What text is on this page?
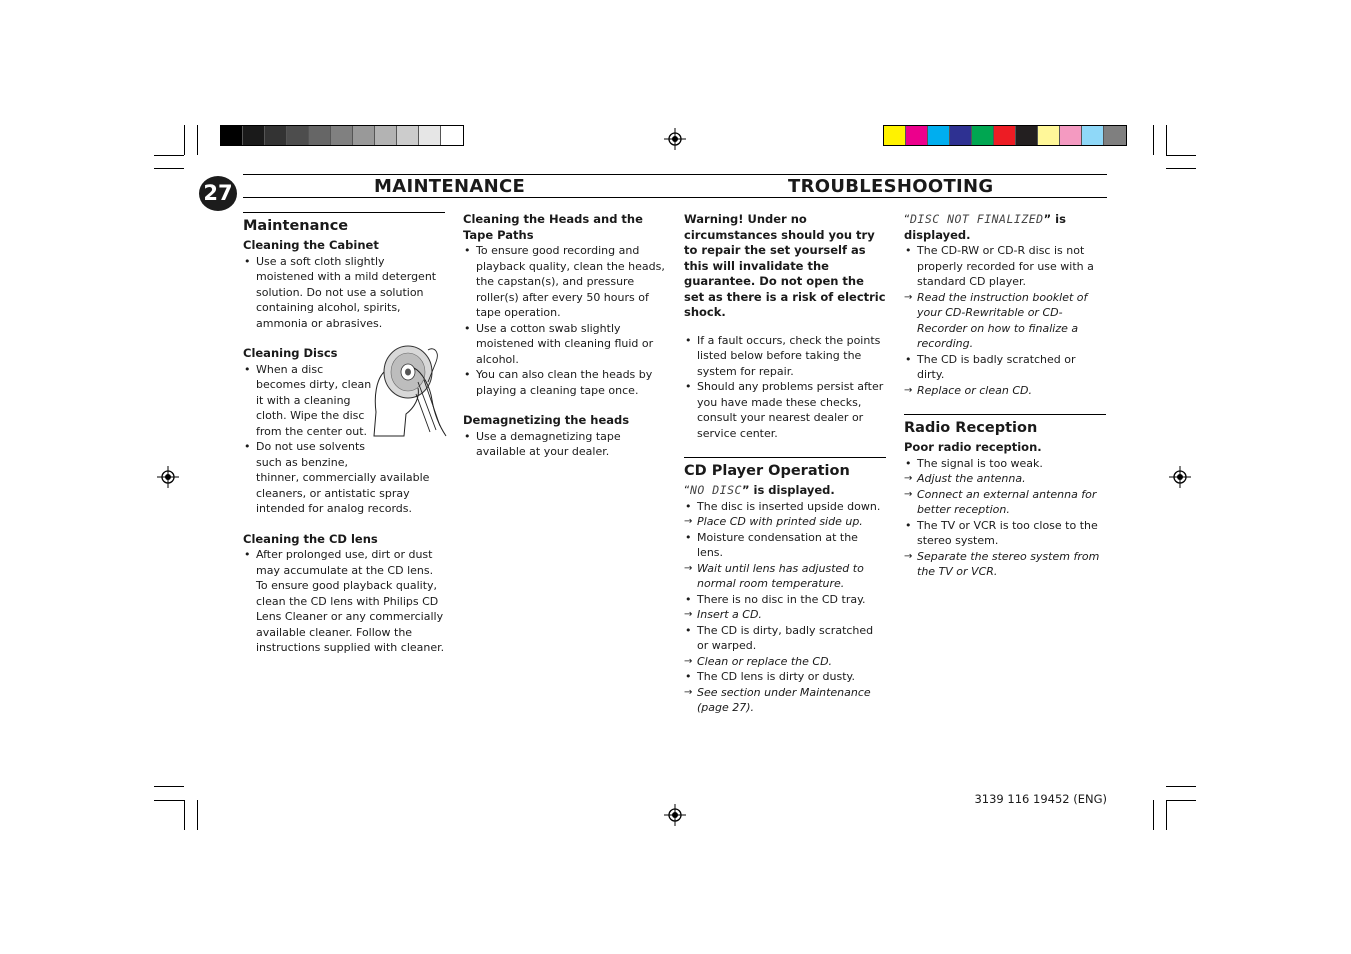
27	MAINTENANCE	TROUBLESHOOTING
Maintenance
Cleaning the Cabinet
• Use a soft cloth slightly moistened with a mild detergent solution. Do not use a solution containing alcohol, spirits, ammonia or abrasives.
Cleaning Discs
• When a disc
becomes dirty, clean
it with a cleaning
cloth. Wipe the disc
from the center out.
• Do not use solvents
such as benzine,
thinner, commercially available cleaners, or antistatic spray intended for analog records.
Cleaning the CD lens
• After prolonged use, dirt or dust may accumulate at the CD lens. To ensure good playback quality, clean the CD lens with Philips CD Lens Cleaner or any commercially available cleaner. Follow the instructions supplied with cleaner.
Cleaning the Heads and the Tape Paths
• To ensure good recording and playback quality, clean the heads, the capstan(s), and pressure roller(s) after every 50 hours of tape operation.
• Use a cotton swab slightly moistened with cleaning fluid or alcohol.
• You can also clean the heads by playing a cleaning tape once.
Demagnetizing the heads
• Use a demagnetizing tape available at your dealer.

Warning! Under no circumstances should you try to repair the set yourself as this will invalidate the guarantee. Do not open the set as there is a risk of electric shock.

• If a fault occurs, check the points listed below before taking the system for repair.
• Should any problems persist after you have made these checks, consult your nearest dealer or service center.
CD Player Operation
“NO DISC” is displayed.
• The disc is inserted upside down.
→ Place CD with printed side up.
• Moisture condensation at the lens.
→ Wait until lens has adjusted to normal room temperature.
• There is no disc in the CD tray.
→ Insert a CD.
• The CD is dirty, badly scratched or warped.
→ Clean or replace the CD.
• The CD lens is dirty or dusty.
→ See section under Maintenance (page 27).
“DISC NOT FINALIZED” is
displayed.
• The CD-RW or CD-R disc is not properly recorded for use with a standard CD player.
→ Read the instruction booklet of your CD-Rewritable or CD-Recorder on how to finalize a recording.
• The CD is badly scratched or dirty.
→ Replace or clean CD.
Radio Reception
Poor radio reception.
• The signal is too weak.
→ Adjust the antenna.
→ Connect an external antenna for better reception.
• The TV or VCR is too close to the stereo system.
→ Separate the stereo system from the TV or VCR.
3139 116 19452 (ENG)
